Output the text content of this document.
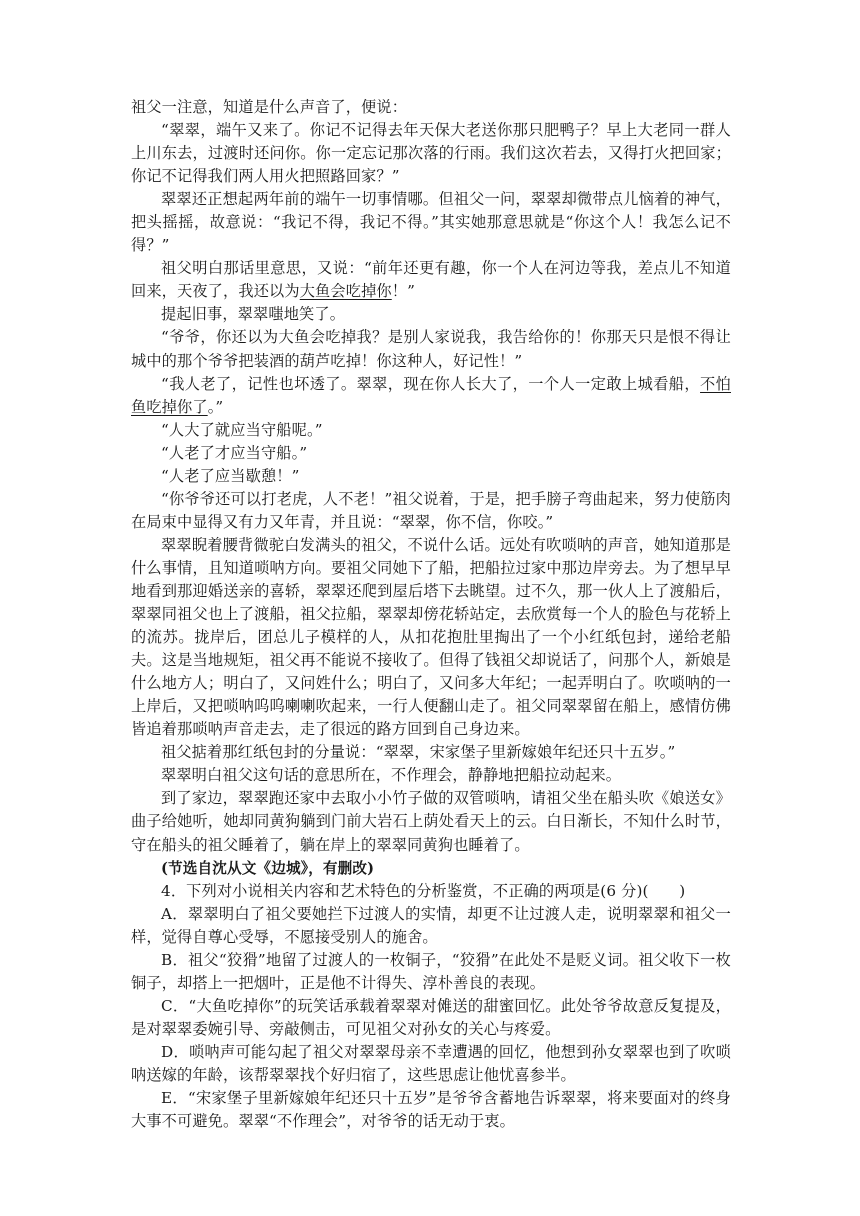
祖父一注意，知道是什么声音了，便说：

“翠翠，端午又来了。你记不记得去年天保大老送你那只肥鸭子？早上大老同一群人上川东去，过渡时还问你。你一定忘记那次落的行雨。我们这次若去，又得打火把回家；你记不记得我们两人用火把照路回家？”

翠翠还正想起两年前的端午一切事情哪。但祖父一问，翠翠却微带点儿恼着的神气，把头摇摇，故意说：“我记不得，我记不得。”其实她那意思就是“你这个人！我怎么记不得？”

祖父明白那话里意思，又说：“前年还更有趣，你一个人在河边等我，差点儿不知道回来，天夜了，我还以为大鱼会吃掉你！”

提起旧事，翠翠嗤地笑了。

“爷爷，你还以为大鱼会吃掉我？是别人家说我，我告给你的！你那天只是恨不得让城中的那个爷爷把装酒的葫芦吃掉！你这种人，好记性！”

“我人老了，记性也坏透了。翠翠，现在你人长大了，一个人一定敢上城看船，不怕鱼吃掉你了。”

“人大了就应当守船呢。”

“人老了才应当守船。”

“人老了应当歇憩！”

“你爷爷还可以打老虎，人不老！”祖父说着，于是，把手膀子弯曲起来，努力使筋肉在局束中显得又有力又年青，并且说：“翠翠，你不信，你咬。”

翠翠睨着腰背微驼白发满头的祖父，不说什么话。远处有吹唢呐的声音，她知道那是什么事情，且知道唢呐方向。要祖父同她下了船，把船拉过家中那边岸旁去。为了想早早地看到那迎婚送亲的喜轿，翠翠还爬到屋后塔下去眺望。过不久，那一伙人上了渡船后，翠翠同祖父也上了渡船，祖父拉船，翠翠却傍花轿站定，去欣赏每一个人的脸色与花轿上的流苏。拢岸后，团总儿子模样的人，从扣花抱肚里掏出了一个小红纸包封，递给老船夫。这是当地规矩，祖父再不能说不接收了。但得了钱祖父却说话了，问那个人，新娘是什么地方人；明白了，又问姓什么；明白了，又问多大年纪；一起弄明白了。吹唢呐的一上岸后，又把唢呐呜呜喇喇吹起来，一行人便翻山走了。祖父同翠翠留在船上，感情仿佛皆追着那唢呐声音走去，走了很远的路方回到自己身边来。

祖父掂着那红纸包封的分量说：“翠翠，宋家堡子里新嫁娘年纪还只十五岁。”

翠翠明白祖父这句话的意思所在，不作理会，静静地把船拉动起来。

到了家边，翠翠跑还家中去取小小竹子做的双管唢呐，请祖父坐在船头吹《娘送女》曲子给她听，她却同黄狗躺到门前大岩石上荫处看天上的云。白日渐长，不知什么时节，守在船头的祖父睡着了，躺在岸上的翠翠同黄狗也睡着了。

(节选自沈从文《边城》，有删改)

4．下列对小说相关内容和艺术特色的分析鉴赏，不正确的两项是(6 分)(　　)

A．翠翠明白了祖父要她拦下过渡人的实情，却更不让过渡人走，说明翠翠和祖父一样，觉得自尊心受辱，不愿接受别人的施舍。

B．祖父“狡猾”地留了过渡人的一枚铜子，“狡猾”在此处不是贬义词。祖父收下一枚铜子，却搭上一把烟叶，正是他不计得失、淳朴善良的表现。

C．“大鱼吃掉你”的玩笑话承载着翠翠对傩送的甜蜜回忆。此处爷爷故意反复提及，是对翠翠委婉引导、旁敲侧击，可见祖父对孙女的关心与疼爱。

D．唢呐声可能勾起了祖父对翠翠母亲不幸遭遇的回忆，他想到孙女翠翠也到了吹唢呐送嫁的年龄，该帮翠翠找个好归宿了，这些思虑让他忧喜参半。

E．“宋家堡子里新嫁娘年纪还只十五岁”是爷爷含蓄地告诉翠翠，将来要面对的终身大事不可避免。翠翠“不作理会”，对爷爷的话无动于衷。
